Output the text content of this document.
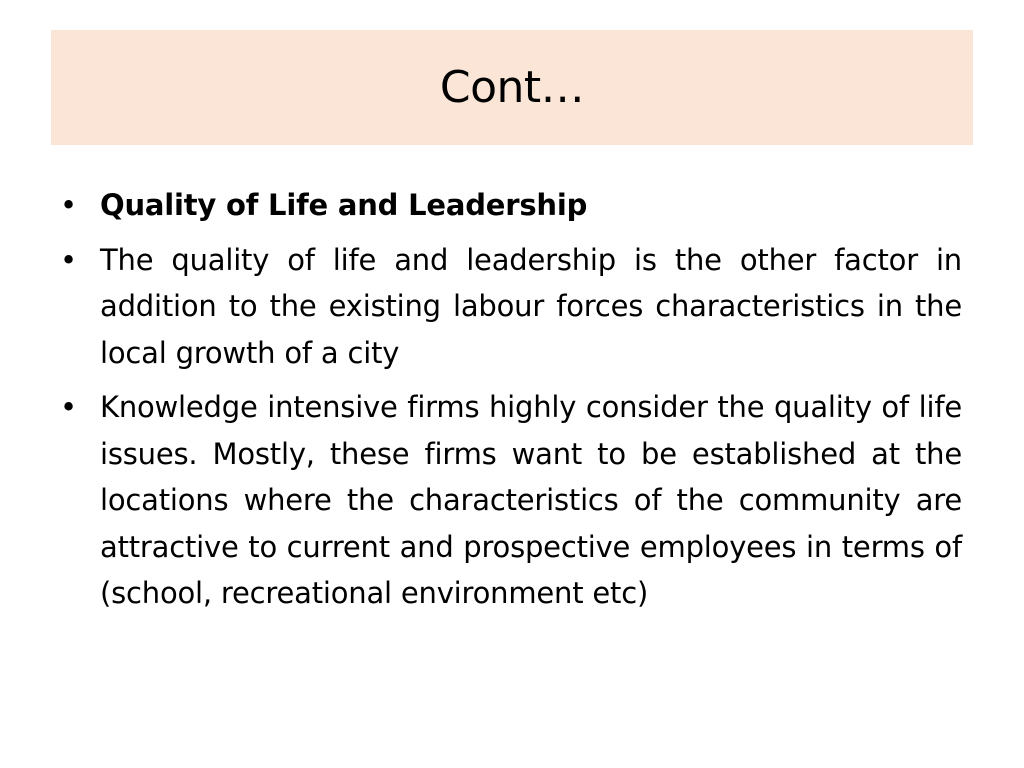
Cont…
• Quality of Life and Leadership
• The quality of life and leadership is the other factor in addition to the existing labour forces characteristics in the local growth of a city
• Knowledge intensive firms highly consider the quality of life issues. Mostly, these firms want to be established at the locations where the characteristics of the community are attractive to current and prospective employees in terms of (school, recreational environment etc)
